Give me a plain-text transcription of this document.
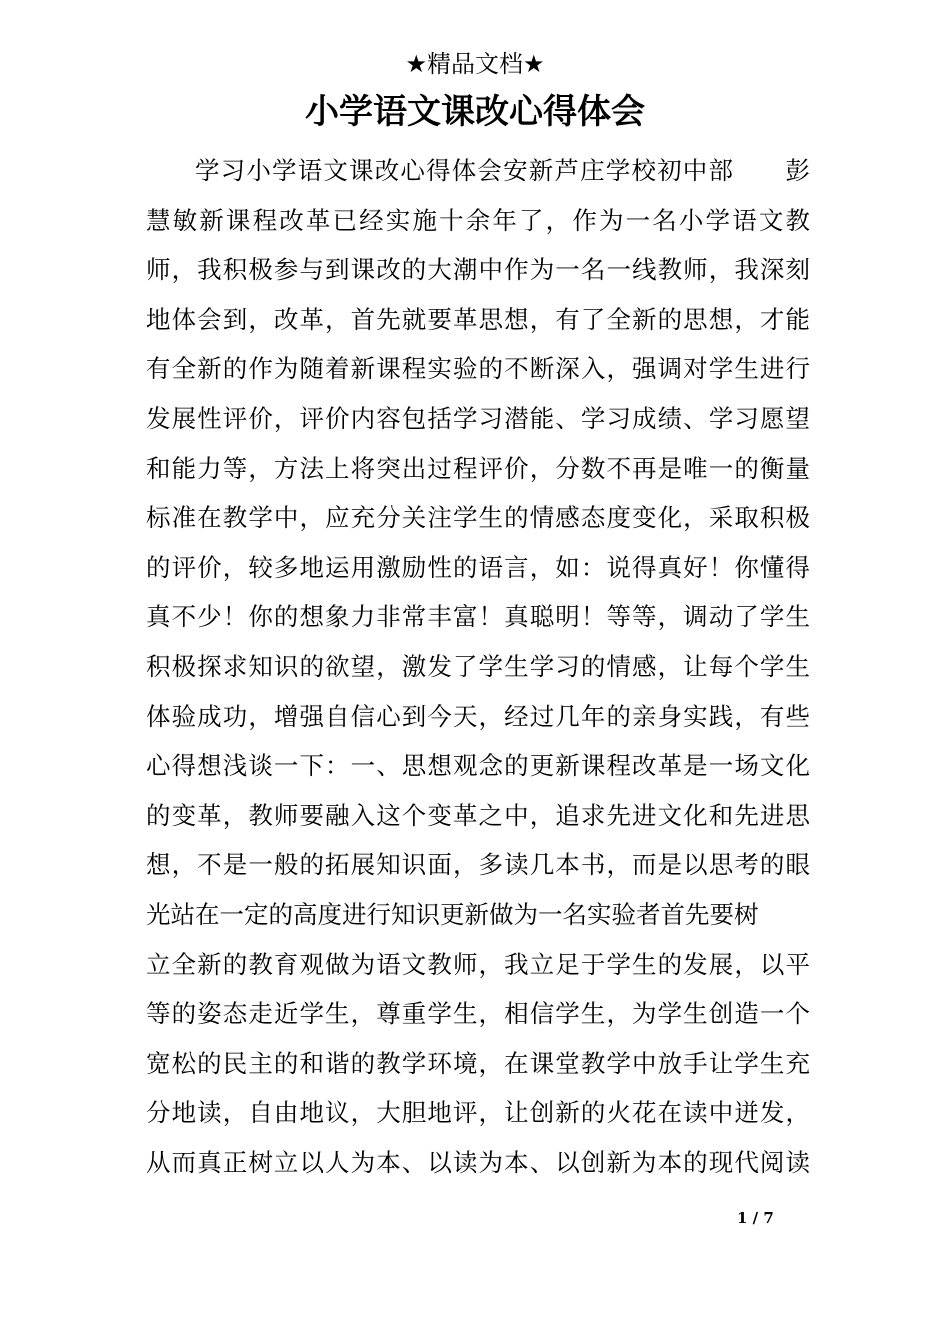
★精品文档★
小学语文课改心得体会
学习小学语文课改心得体会安新芦庄学校初中部　　彭
慧敏新课程改革已经实施十余年了，作为一名小学语文教
师，我积极参与到课改的大潮中作为一名一线教师，我深刻
地体会到，改革，首先就要革思想，有了全新的思想，才能
有全新的作为随着新课程实验的不断深入，强调对学生进行
发展性评价，评价内容包括学习潜能、学习成绩、学习愿望
和能力等，方法上将突出过程评价，分数不再是唯一的衡量
标准在教学中，应充分关注学生的情感态度变化，采取积极
的评价，较多地运用激励性的语言，如：说得真好！你懂得
真不少！你的想象力非常丰富！真聪明！等等，调动了学生
积极探求知识的欲望，激发了学生学习的情感，让每个学生
体验成功，增强自信心到今天，经过几年的亲身实践，有些
心得想浅谈一下：一、思想观念的更新课程改革是一场文化
的变革，教师要融入这个变革之中，追求先进文化和先进思
想，不是一般的拓展知识面，多读几本书，而是以思考的眼
光站在一定的高度进行知识更新做为一名实验者首先要树
立全新的教育观做为语文教师，我立足于学生的发展，以平
等的姿态走近学生，尊重学生，相信学生，为学生创造一个
宽松的民主的和谐的教学环境，在课堂教学中放手让学生充
分地读，自由地议，大胆地评，让创新的火花在读中迸发，
从而真正树立以人为本、以读为本、以创新为本的现代阅读
1 / 7
